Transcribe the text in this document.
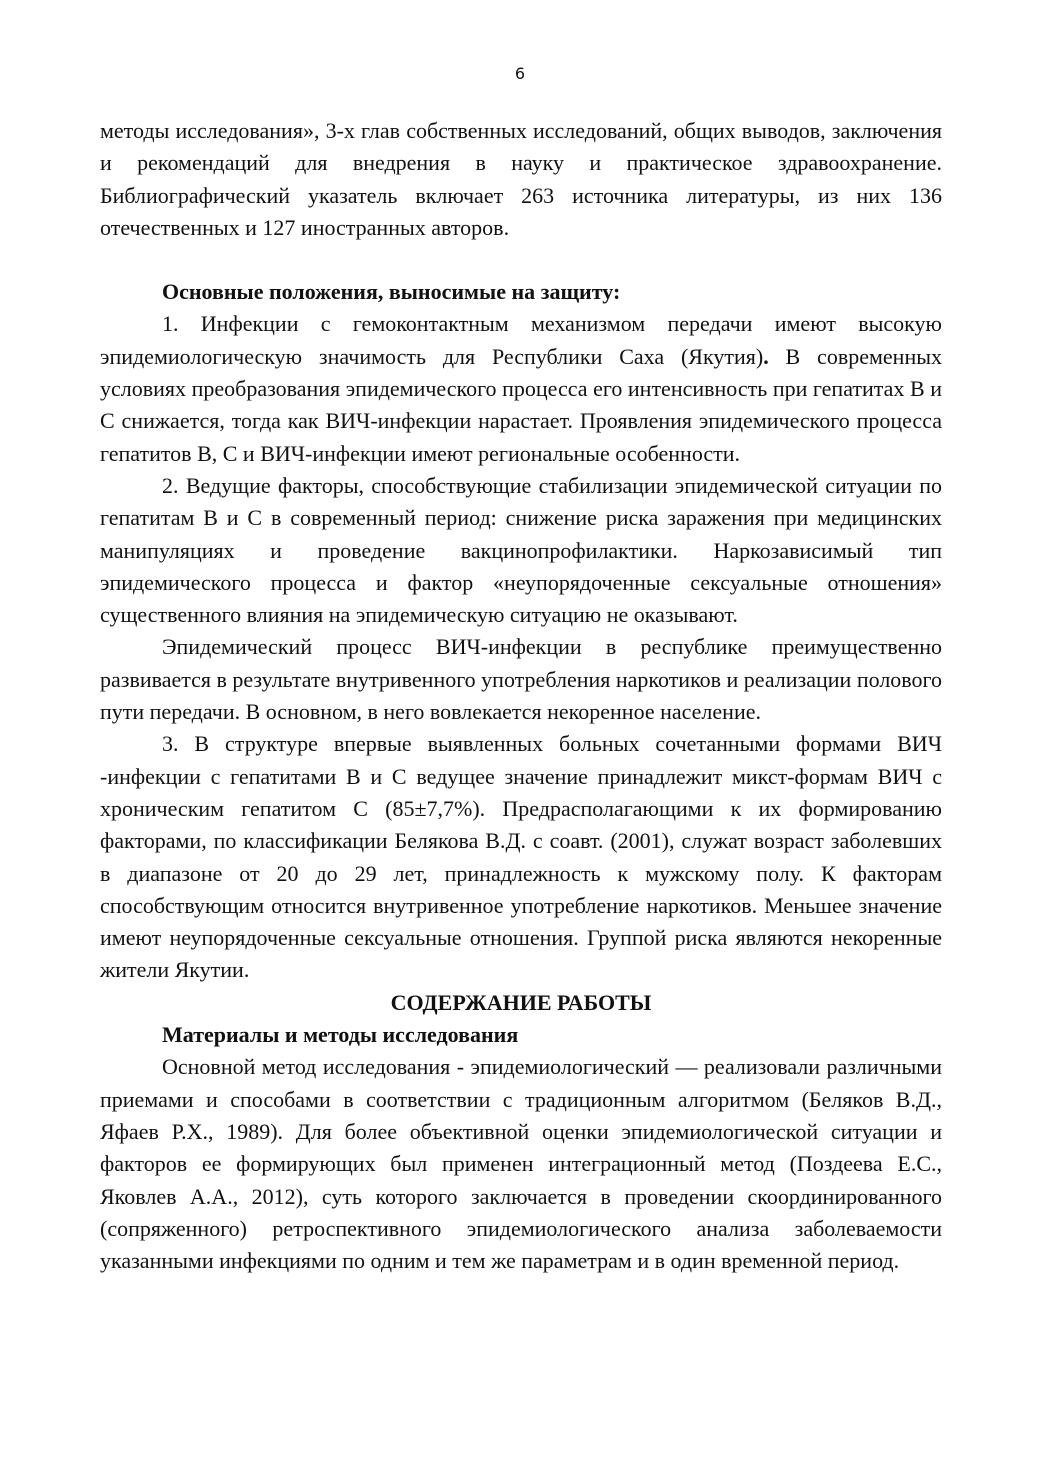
6

методы исследования», 3-х глав собственных исследований, общих выводов, заключения и рекомендаций для внедрения в науку и практическое здравоохранение. Библиографический указатель включает 263 источника литературы, из них 136 отечественных и 127 иностранных авторов.

Основные положения, выносимые на защиту:

1. Инфекции с гемоконтактным механизмом передачи имеют высокую эпидемиологическую значимость для Республики Саха (Якутия). В современных условиях преобразования эпидемического процесса его интенсивность при гепатитах В и С снижается, тогда как ВИЧ-инфекции нарастает. Проявления эпидемического процесса гепатитов В, С и ВИЧ-инфекции имеют региональные особенности.

2. Ведущие факторы, способствующие стабилизации эпидемической ситуации по гепатитам В и С в современный период: снижение риска заражения при медицинских манипуляциях и проведение вакцинопрофилактики. Наркозависимый тип эпидемического процесса и фактор «неупорядоченные сексуальные отношения» существенного влияния на эпидемическую ситуацию не оказывают.

Эпидемический процесс ВИЧ-инфекции в республике преимущественно развивается в результате внутривенного употребления наркотиков и реализации полового пути передачи. В основном, в него вовлекается некоренное население.

3. В структуре впервые выявленных больных сочетанными формами ВИЧ -инфекции с гепатитами В и С ведущее значение принадлежит микст-формам ВИЧ с хроническим гепатитом С (85±7,7%). Предрасполагающими к их формированию факторами, по классификации Белякова В.Д. с соавт. (2001), служат возраст заболевших в диапазоне от 20 до 29 лет, принадлежность к мужскому полу. К факторам способствующим относится внутривенное употребление наркотиков. Меньшее значение имеют неупорядоченные сексуальные отношения. Группой риска являются некоренные жители Якутии.

СОДЕРЖАНИЕ РАБОТЫ
Материалы и методы исследования

Основной метод исследования - эпидемиологический — реализовали различными приемами и способами в соответствии с традиционным алгоритмом (Беляков В.Д., Яфаев Р.Х., 1989). Для более объективной оценки эпидемиологической ситуации и факторов ее формирующих был применен интеграционный метод (Поздеева Е.С., Яковлев А.А., 2012), суть которого заключается в проведении скоординированного (сопряженного) ретроспективного эпидемиологического анализа заболеваемости указанными инфекциями по одним и тем же параметрам и в один временной период.
